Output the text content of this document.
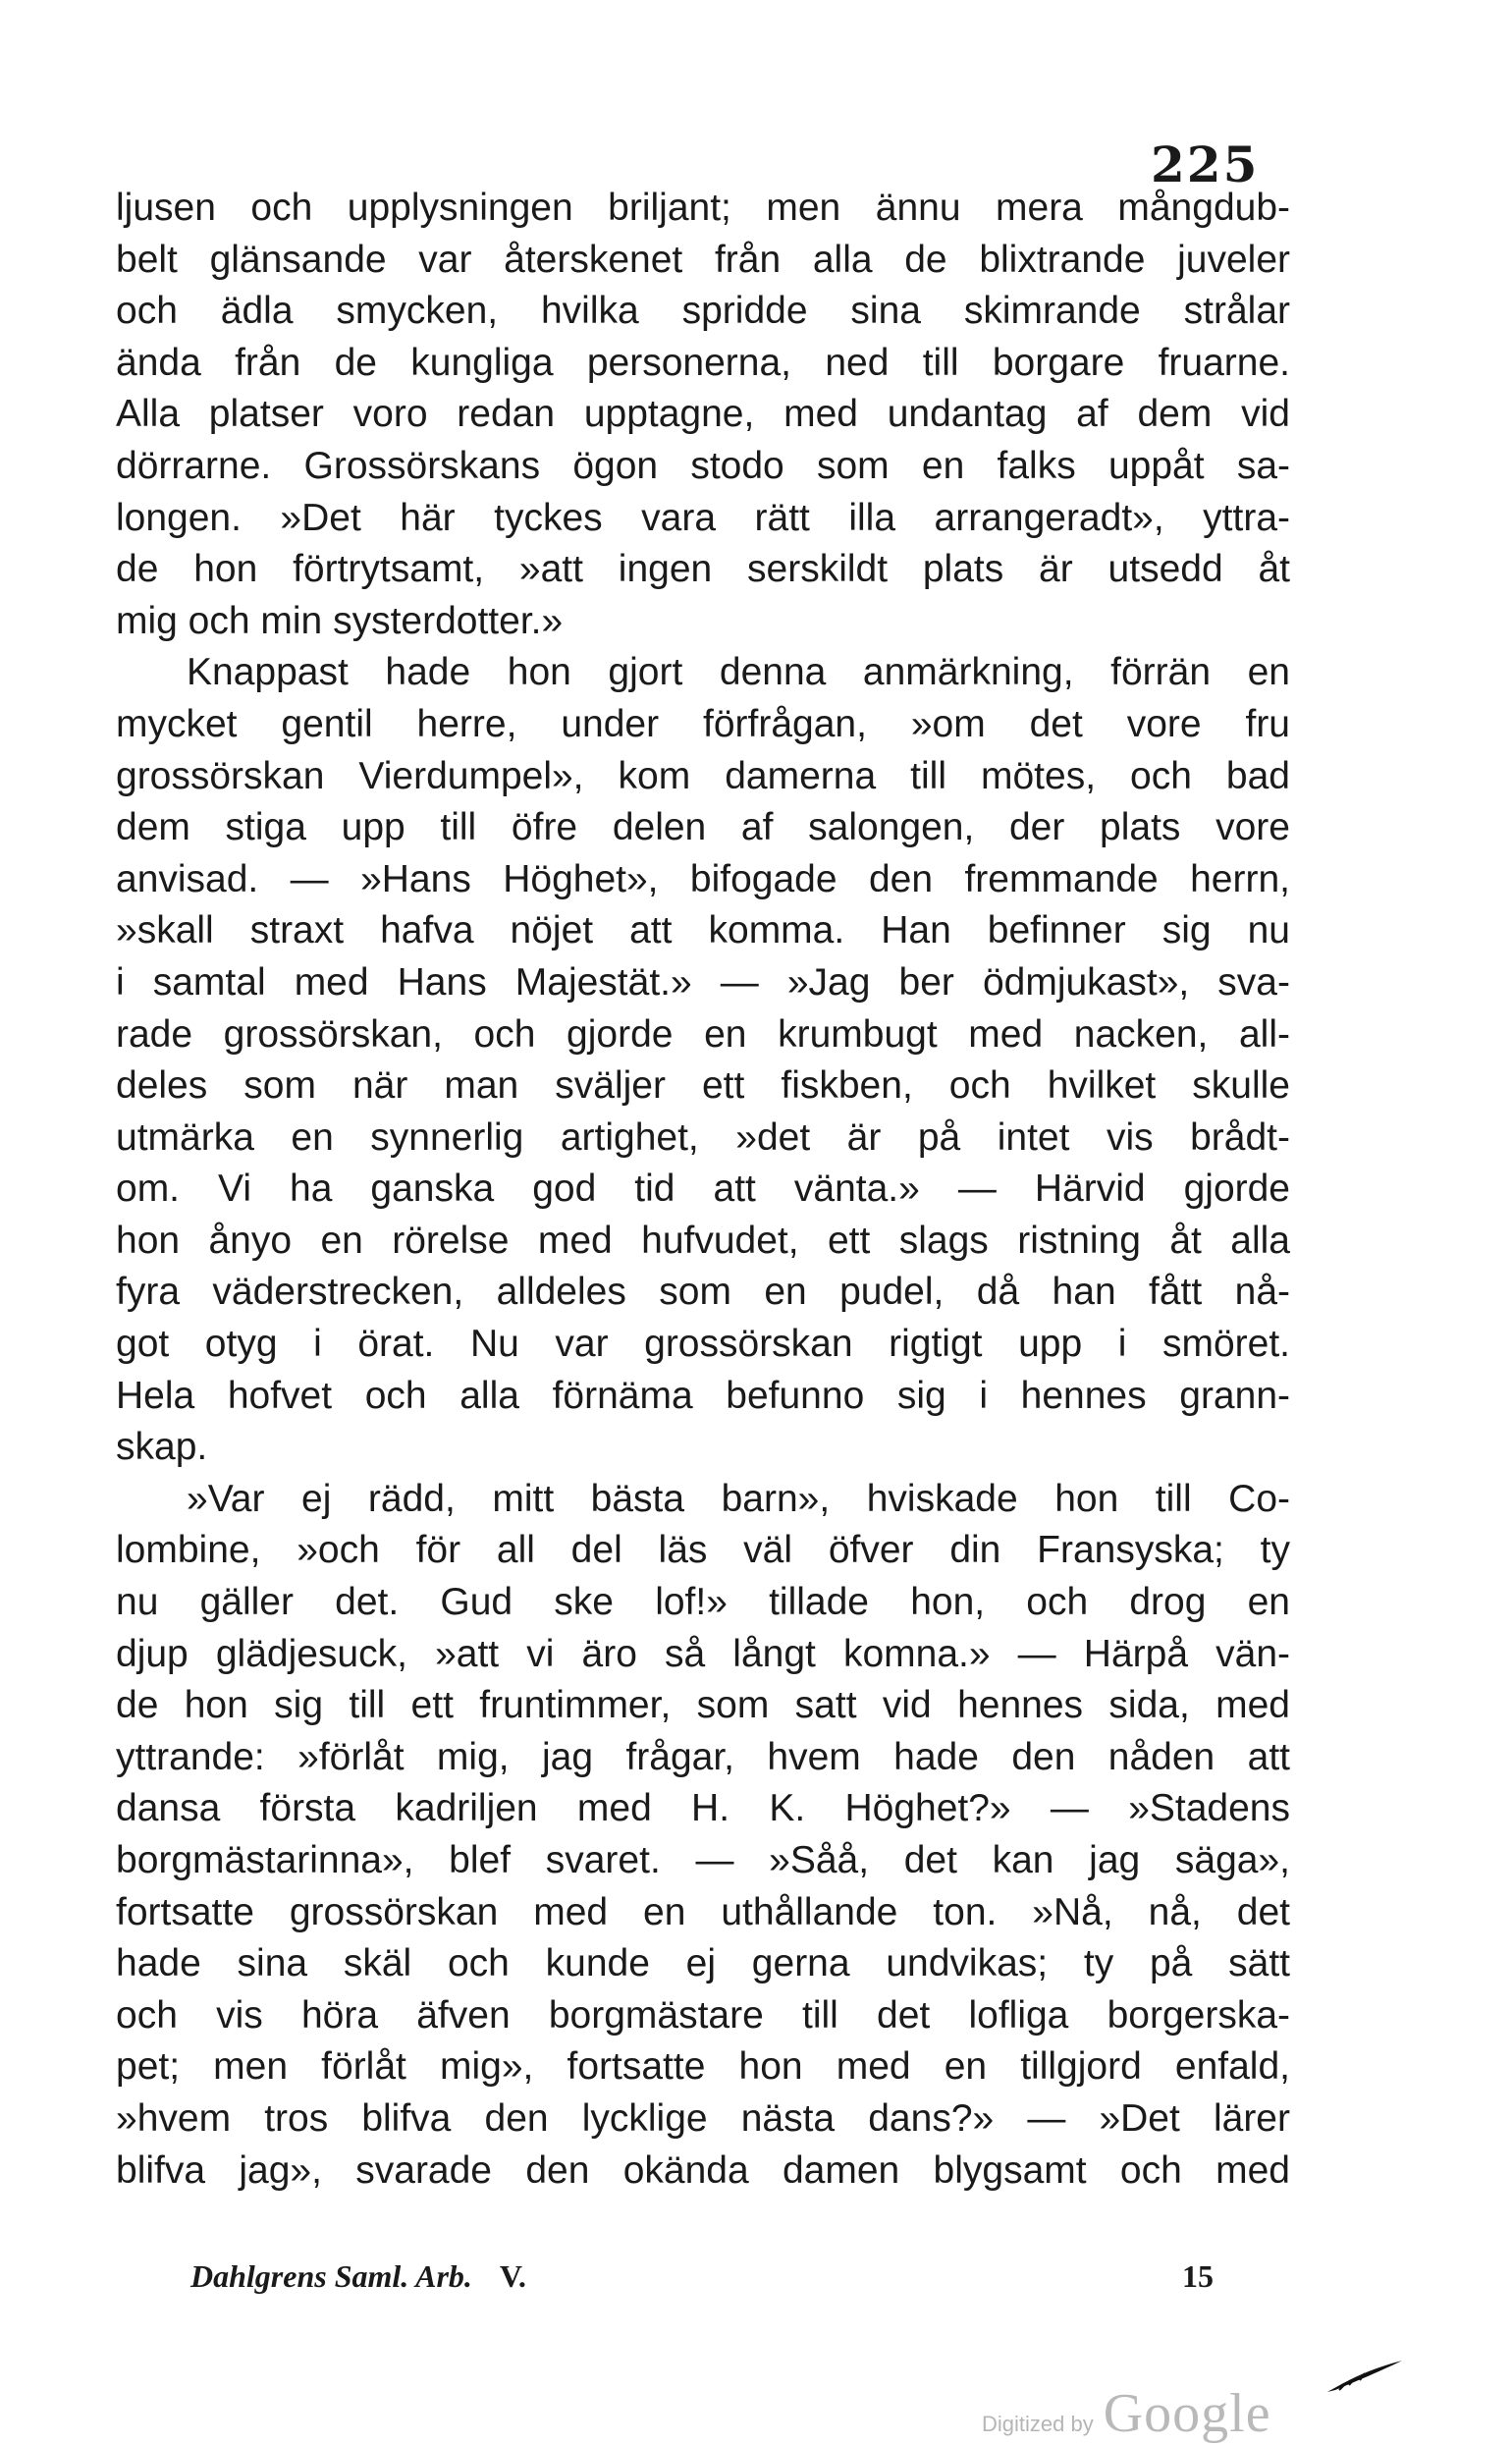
225
ljusen och upplysningen briljant; men ännu mera mångdub-
belt glänsande var återskenet från alla de blixtrande juveler
och ädla smycken, hvilka spridde sina skimrande strålar
ända från de kungliga personerna, ned till borgare fruarne.
Alla platser voro redan upptagne, med undantag af dem vid
dörrarne. Grossörskans ögon stodo som en falks uppåt sa-
longen. »Det här tyckes vara rätt illa arrangeradt», yttra-
de hon förtrytsamt, »att ingen serskildt plats är utsedd åt
mig och min systerdotter.»
Knappast hade hon gjort denna anmärkning, förrän en
mycket gentil herre, under förfrågan, »om det vore fru
grossörskan Vierdumpel», kom damerna till mötes, och bad
dem stiga upp till öfre delen af salongen, der plats vore
anvisad. — »Hans Höghet», bifogade den fremmande herrn,
»skall straxt hafva nöjet att komma. Han befinner sig nu
i samtal med Hans Majestät.» — »Jag ber ödmjukast», sva-
rade grossörskan, och gjorde en krumbugt med nacken, all-
deles som när man sväljer ett fiskben, och hvilket skulle
utmärka en synnerlig artighet, »det är på intet vis brådt-
om. Vi ha ganska god tid att vänta.» — Härvid gjorde
hon ånyo en rörelse med hufvudet, ett slags ristning åt alla
fyra väderstrecken, alldeles som en pudel, då han fått nå-
got otyg i örat. Nu var grossörskan rigtigt upp i smöret.
Hela hofvet och alla förnäma befunno sig i hennes grann-
skap.
»Var ej rädd, mitt bästa barn», hviskade hon till Co-
lombine, »och för all del läs väl öfver din Fransyska; ty
nu gäller det. Gud ske lof!» tillade hon, och drog en
djup glädjesuck, »att vi äro så långt komna.» — Härpå vän-
de hon sig till ett fruntimmer, som satt vid hennes sida, med
yttrande: »förlåt mig, jag frågar, hvem hade den nåden att
dansa första kadriljen med H. K. Höghet?» — »Stadens
borgmästarinna», blef svaret. — »Såå, det kan jag säga»,
fortsatte grossörskan med en uthållande ton. »Nå, nå, det
hade sina skäl och kunde ej gerna undvikas; ty på sätt
och vis höra äfven borgmästare till det lofliga borgerska-
pet; men förlåt mig», fortsatte hon med en tillgjord enfald,
»hvem tros blifva den lycklige nästa dans?» — »Det lärer
blifva jag», svarade den okända damen blygsamt och med
Dahlgrens Saml. Arb. V.	15
Digitized by Google
